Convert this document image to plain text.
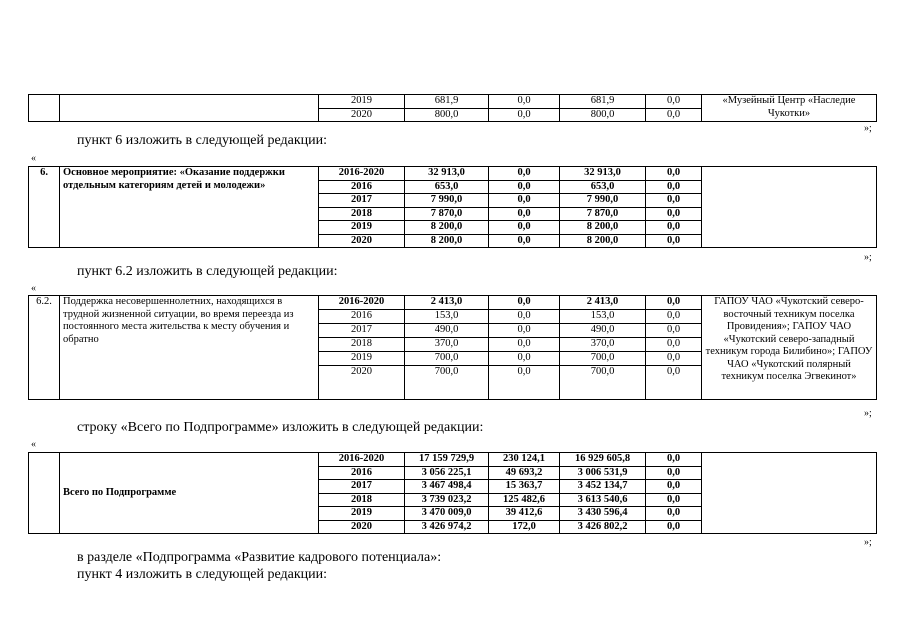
		2019	681,9	0,0	681,9	0,0	«Музейный Центр «Наследие Чукотки»
		2020	800,0	0,0	800,0	0,0	
»;
пункт 6 изложить в следующей редакции:
«
6.	Основное мероприятие: «Оказание поддержки отдельным категориям детей и молодежи»	2016-2020	32 913,0	0,0	32 913,0	0,0	
		2016	653,0	0,0	653,0	0,0	
		2017	7 990,0	0,0	7 990,0	0,0	
		2018	7 870,0	0,0	7 870,0	0,0	
		2019	8 200,0	0,0	8 200,0	0,0	
		2020	8 200,0	0,0	8 200,0	0,0	
»;
пункт 6.2 изложить в следующей редакции:
«
6.2.	Поддержка несовершеннолетних, находящихся в трудной жизненной ситуации, во время переезда из постоянного места жительства к месту обучения и обратно	2016-2020	2 413,0	0,0	2 413,0	0,0	ГАПОУ ЧАО «Чукотский северо-восточный техникум поселка Провидения»; ГАПОУ ЧАО «Чукотский северо-западный техникум города Билибино»; ГАПОУ ЧАО «Чукотский полярный техникум поселка Эгвекинот»
		2016	153,0	0,0	153,0	0,0	
		2017	490,0	0,0	490,0	0,0	
		2018	370,0	0,0	370,0	0,0	
		2019	700,0	0,0	700,0	0,0	
		2020	700,0	0,0	700,0	0,0	
»;
строку «Всего по Подпрограмме» изложить в следующей редакции:
«
	Всего по Подпрограмме	2016-2020	17 159 729,9	230 124,1	16 929 605,8	0,0	
		2016	3 056 225,1	49 693,2	3 006 531,9	0,0	
		2017	3 467 498,4	15 363,7	3 452 134,7	0,0	
		2018	3 739 023,2	125 482,6	3 613 540,6	0,0	
		2019	3 470 009,0	39 412,6	3 430 596,4	0,0	
		2020	3 426 974,2	172,0	3 426 802,2	0,0	
»;
в разделе «Подпрограмма «Развитие кадрового потенциала»:
пункт 4 изложить в следующей редакции:
